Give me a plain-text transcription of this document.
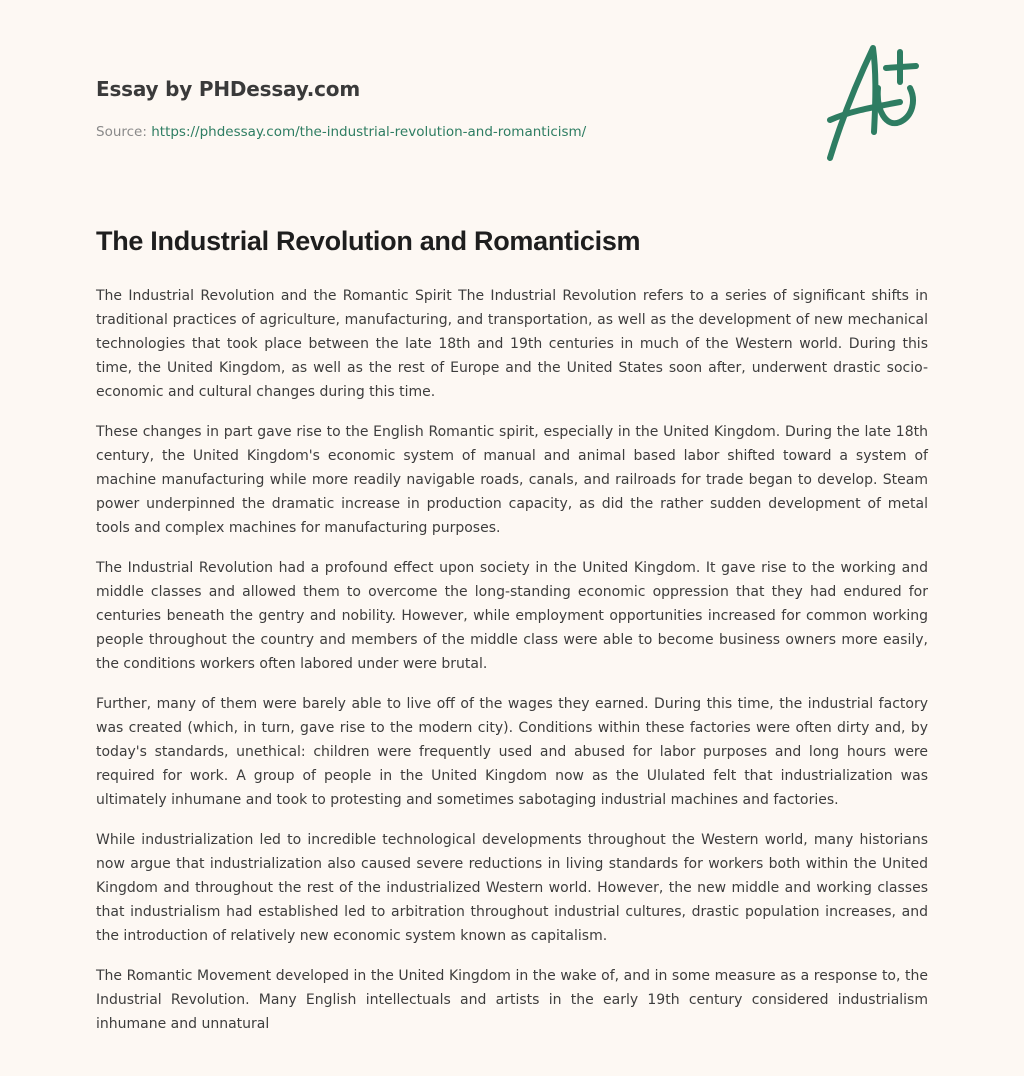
Essay by PHDessay.com
Source: https://phdessay.com/the-industrial-revolution-and-romanticism/
The Industrial Revolution and Romanticism

The Industrial Revolution and the Romantic Spirit The Industrial Revolution refers to a series of significant shifts in traditional practices of agriculture, manufacturing, and transportation, as well as the development of new mechanical technologies that took place between the late 18th and 19th centuries in much of the Western world. During this time, the United Kingdom, as well as the rest of Europe and the United States soon after, underwent drastic socio-economic and cultural changes during this time.

These changes in part gave rise to the English Romantic spirit, especially in the United Kingdom. During the late 18th century, the United Kingdom's economic system of manual and animal based labor shifted toward a system of machine manufacturing while more readily navigable roads, canals, and railroads for trade began to develop. Steam power underpinned the dramatic increase in production capacity, as did the rather sudden development of metal tools and complex machines for manufacturing purposes.

The Industrial Revolution had a profound effect upon society in the United Kingdom. It gave rise to the working and middle classes and allowed them to overcome the long-standing economic oppression that they had endured for centuries beneath the gentry and nobility. However, while employment opportunities increased for common working people throughout the country and members of the middle class were able to become business owners more easily, the conditions workers often labored under were brutal.

Further, many of them were barely able to live off of the wages they earned. During this time, the industrial factory was created (which, in turn, gave rise to the modern city). Conditions within these factories were often dirty and, by today's standards, unethical: children were frequently used and abused for labor purposes and long hours were required for work. A group of people in the United Kingdom now as the Ululated felt that industrialization was ultimately inhumane and took to protesting and sometimes sabotaging industrial machines and factories.

While industrialization led to incredible technological developments throughout the Western world, many historians now argue that industrialization also caused severe reductions in living standards for workers both within the United Kingdom and throughout the rest of the industrialized Western world. However, the new middle and working classes that industrialism had established led to arbitration throughout industrial cultures, drastic population increases, and the introduction of relatively new economic system known as capitalism.

The Romantic Movement developed in the United Kingdom in the wake of, and in some measure as a response to, the Industrial Revolution. Many English intellectuals and artists in the early 19th century considered industrialism inhumane and unnatural
